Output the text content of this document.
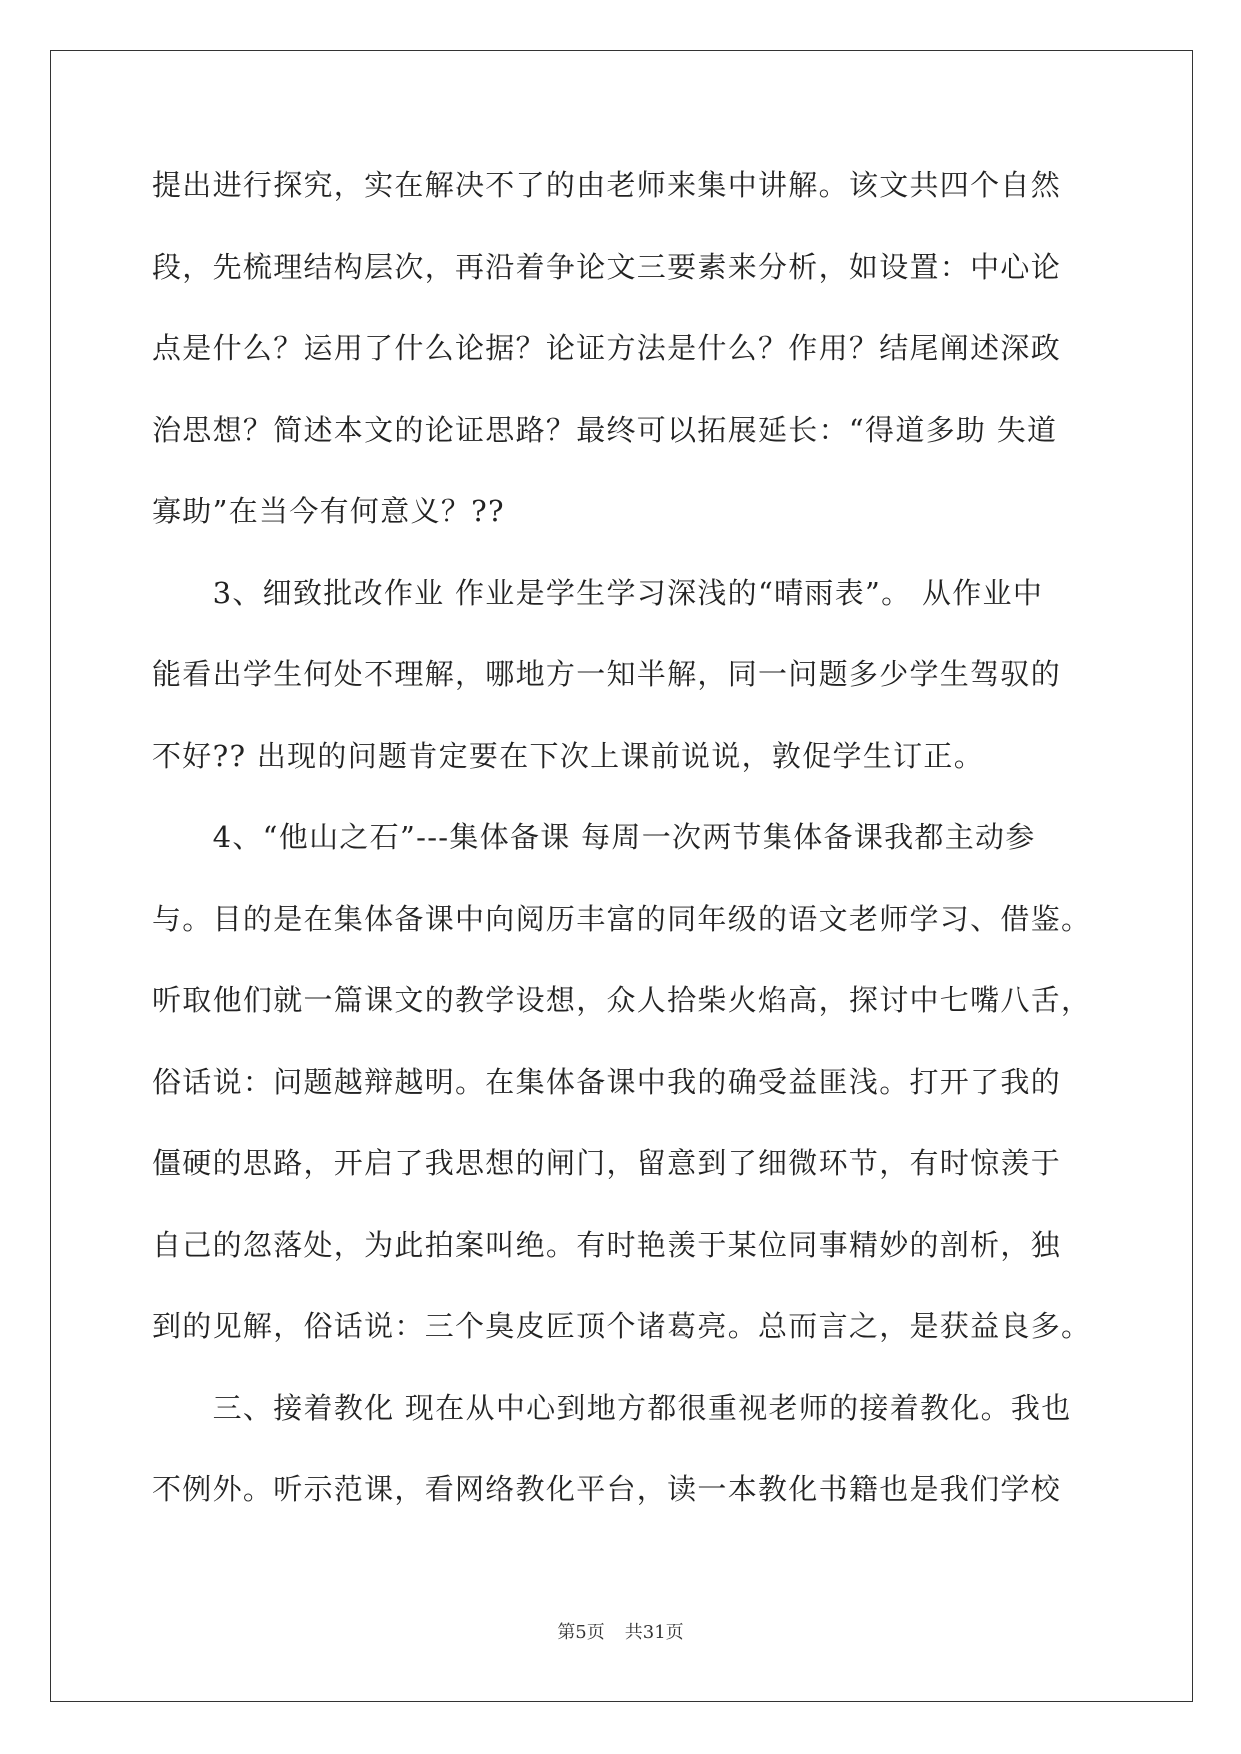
提出进行探究，实在解决不了的由老师来集中讲解。该文共四个自然
段，先梳理结构层次，再沿着争论文三要素来分析，如设置：中心论
点是什么？运用了什么论据？论证方法是什么？作用？结尾阐述深政
治思想？简述本文的论证思路？最终可以拓展延长：“得道多助 失道
寡助”在当今有何意义？??
　　3、细致批改作业 作业是学生学习深浅的“晴雨表”。 从作业中
能看出学生何处不理解，哪地方一知半解，同一问题多少学生驾驭的
不好?? 出现的问题肯定要在下次上课前说说，敦促学生订正。
　　4、“他山之石”---集体备课 每周一次两节集体备课我都主动参
与。目的是在集体备课中向阅历丰富的同年级的语文老师学习、借鉴。
听取他们就一篇课文的教学设想，众人拾柴火焰高，探讨中七嘴八舌，
俗话说：问题越辩越明。在集体备课中我的确受益匪浅。打开了我的
僵硬的思路，开启了我思想的闸门，留意到了细微环节，有时惊羡于
自己的忽落处，为此拍案叫绝。有时艳羡于某位同事精妙的剖析，独
到的见解，俗话说：三个臭皮匠顶个诸葛亮。总而言之，是获益良多。
　　三、接着教化 现在从中心到地方都很重视老师的接着教化。我也
不例外。听示范课，看网络教化平台，读一本教化书籍也是我们学校
第5页 共31页
